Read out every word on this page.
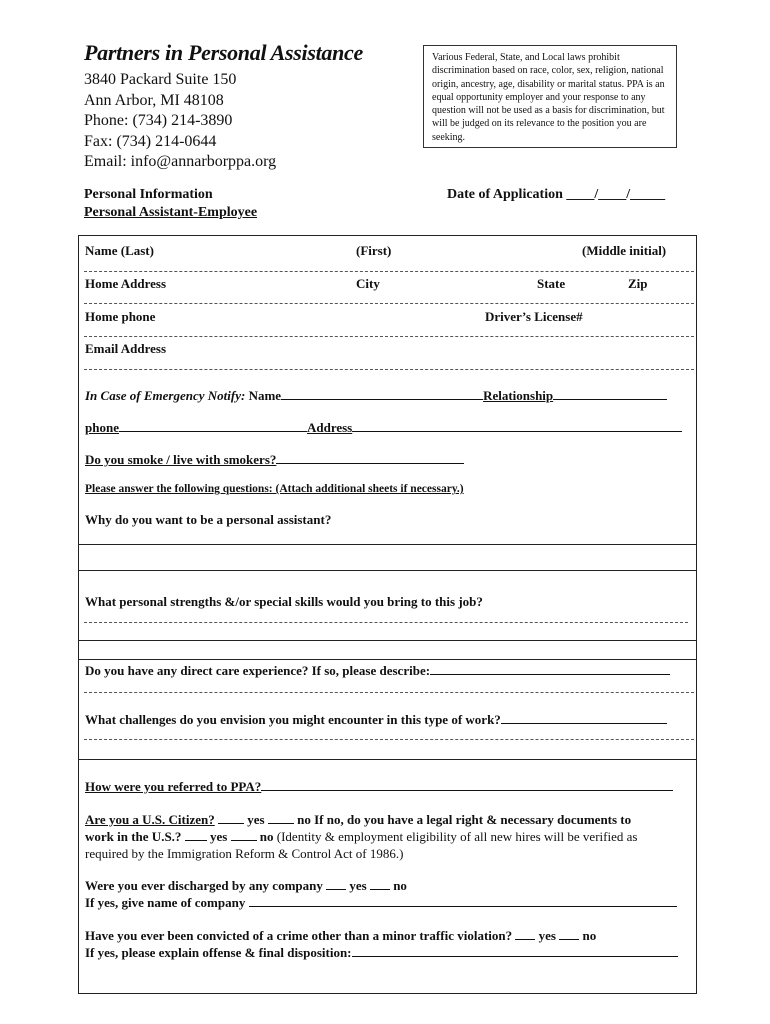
Partners in Personal Assistance
3840 Packard Suite 150
Ann Arbor, MI 48108
Phone: (734) 214-3890
Fax: (734) 214-0644
Email: info@annarborppa.org
Various Federal, State, and Local laws prohibit discrimination based on race, color, sex, religion, national origin, ancestry, age, disability or marital status. PPA is an equal opportunity employer and your response to any question will not be used as a basis for discrimination, but will be judged on its relevance to the position you are seeking.
Personal Information
Personal Assistant-Employee
Date of Application ____/____/_____
Name (Last)	(First)	(Middle initial)
Home Address	City	State	Zip
Home phone	Driver’s License#
Email Address
In Case of Emergency Notify: Name	Relationship
phone	Address
Do you smoke / live with smokers?
Please answer the following questions: (Attach additional sheets if necessary.)
Why do you want to be a personal assistant?
What personal strengths &/or special skills would you bring to this job?
Do you have any direct care experience? If so, please describe:
What challenges do you envision you might encounter in this type of work?
How were you referred to PPA?
Are you a U.S. Citizen?	yes	no If no, do you have a legal right & necessary documents to
work in the U.S.? yes	no (Identity & employment eligibility of all new hires will be verified as
required by the Immigration Reform & Control Act of 1986.)
Were you ever discharged by any company yes no
If yes, give name of company
Have you ever been convicted of a crime other than a minor traffic violation? yes no
If yes, please explain offense & final disposition:
